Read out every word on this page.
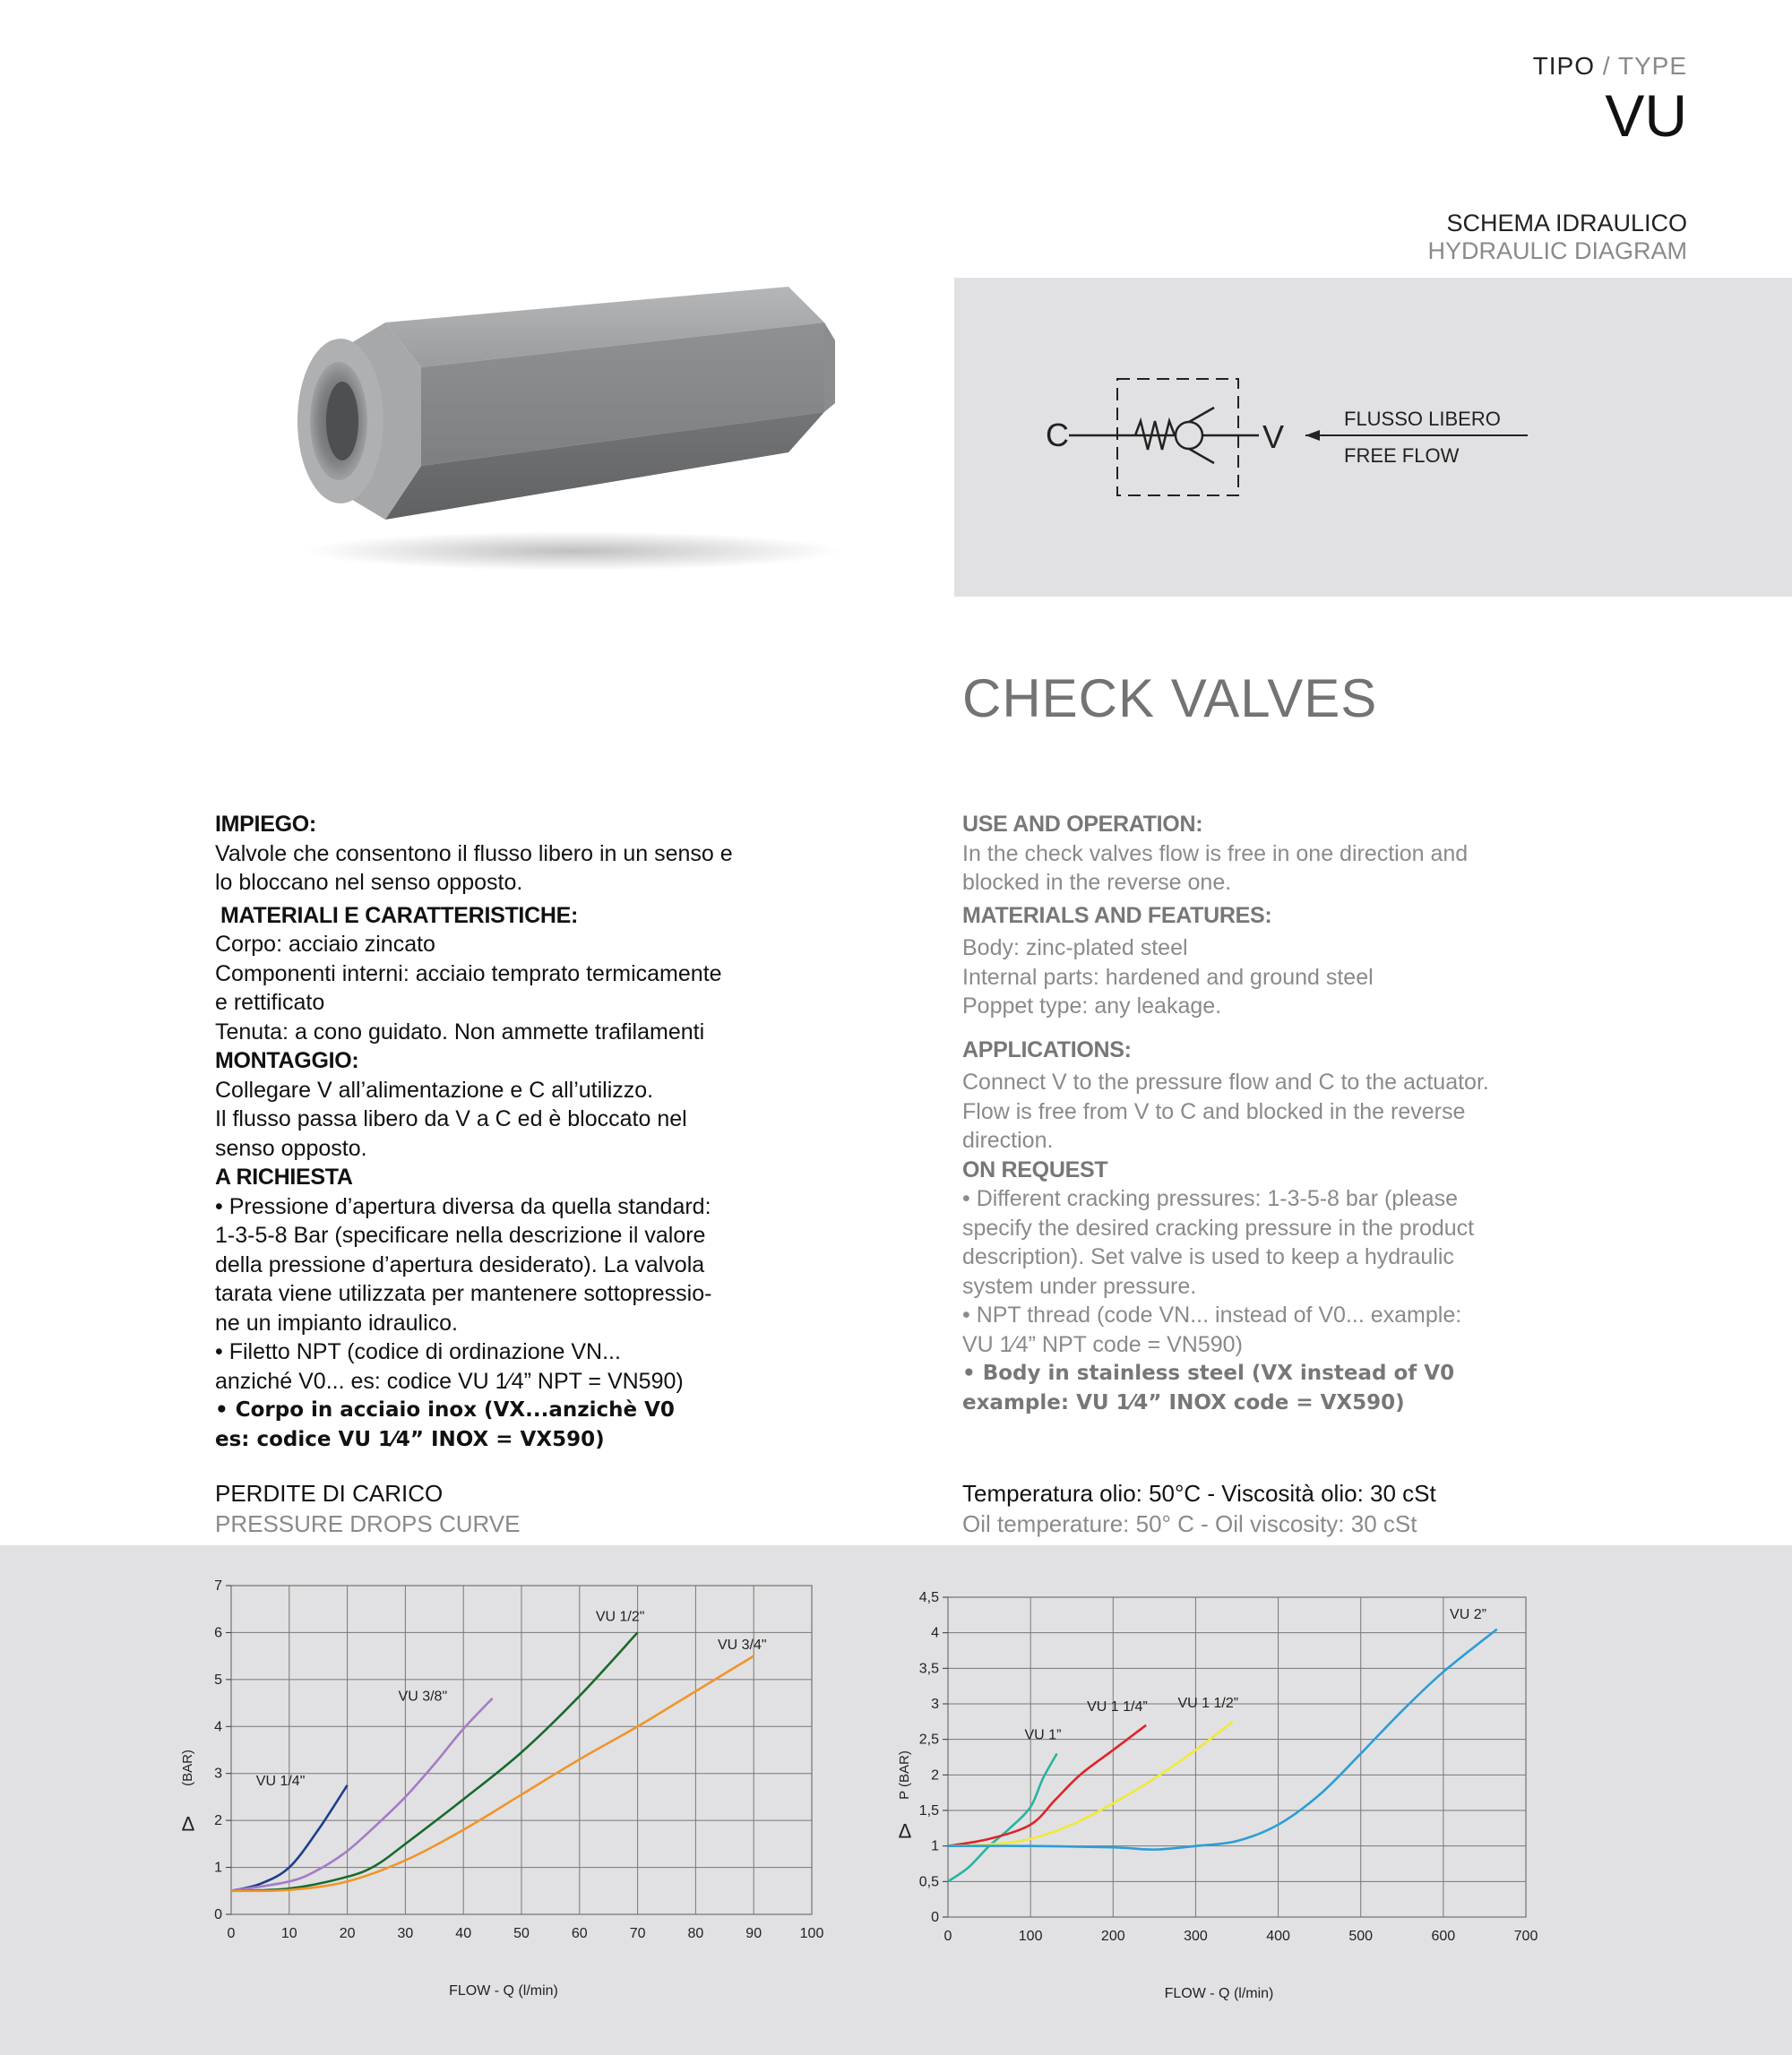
TIPO / TYPE
VU
SCHEMA IDRAULICO
HYDRAULIC DIAGRAM
C	V	FLUSSO LIBERO
FREE FLOW
CHECK VALVES

IMPIEGO:

Valvole che consentono il flusso libero in un senso e

lo bloccano nel senso opposto.

MATERIALI E CARATTERISTICHE:

Corpo: acciaio zincato

Componenti interni: acciaio temprato termicamente

e rettificato

Tenuta: a cono guidato. Non ammette trafilamenti

MONTAGGIO:

Collegare V all’alimentazione e C all’utilizzo.

Il flusso passa libero da V a C ed è bloccato nel

senso opposto.

A RICHIESTA

• Pressione d’apertura diversa da quella standard:

1-3-5-8 Bar (specificare nella descrizione il valore

della pressione d’apertura desiderato). La valvola

tarata viene utilizzata per mantenere sottopressio-

ne un impianto idraulico.

• Filetto NPT (codice di ordinazione VN...

anziché V0... es: codice VU 1⁄4” NPT = VN590)

• Corpo in acciaio inox (VX...anzichè V0

es: codice VU 1⁄4” INOX = VX590)

USE AND OPERATION:

In the check valves flow is free in one direction and

blocked in the reverse one.

MATERIALS AND FEATURES:

Body: zinc-plated steel

Internal parts: hardened and ground steel

Poppet type: any leakage.

APPLICATIONS:

Connect V to the pressure flow and C to the actuator.

Flow is free from V to C and blocked in the reverse

direction.

ON REQUEST

• Different cracking pressures: 1-3-5-8 bar (please

specify the desired cracking pressure in the product

description). Set valve is used to keep a hydraulic

system under pressure.

• NPT thread (code VN... instead of V0... example:

VU 1⁄4” NPT code = VN590)

• Body in stainless steel (VX instead of V0

example: VU 1⁄4” INOX code = VX590)

PERDITE DI CARICO
PRESSURE DROPS CURVE
Temperatura olio: 50°C - Viscosità olio: 30 cSt
Oil temperature: 50° C - Oil viscosity: 30 cSt
0	10	20	30	40	50	60	70	80	90	100
0
1
2
3
4
5
6
7
FLOW - Q (l/min)
Δ
(BAR)	VU 1/4"
VU 3/8"
VU 1/2"
VU 3/4"
0	100	200	300	400	500	600	700
0
0,5
1
1,5
2
2,5
3
3,5
4
4,5
FLOW - Q (l/min)
Δ
P (BAR)
VU 1”
VU 1 1/4” VU 1 1/2”
VU 2”
